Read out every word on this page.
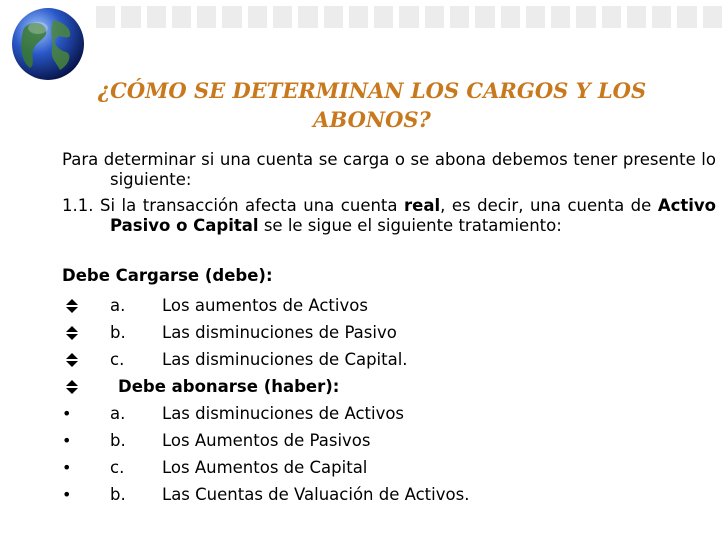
¿CÓMO SE DETERMINAN LOS CARGOS Y LOS ABONOS?
Para determinar si una cuenta se carga o se abona debemos tener presente lo siguiente:
1.1. Si la transacción afecta una cuenta real, es decir, una cuenta de Activo Pasivo o Capital se le sigue el siguiente tratamiento:
Debe Cargarse (debe):
a. Los aumentos de Activos
b. Las disminuciones de Pasivo
c. Las disminuciones de Capital.
Debe abonarse (haber):
•	a. Las disminuciones de Activos
•	b. Los Aumentos de Pasivos
•	c. Los Aumentos de Capital
•	b. Las Cuentas de Valuación de Activos.
